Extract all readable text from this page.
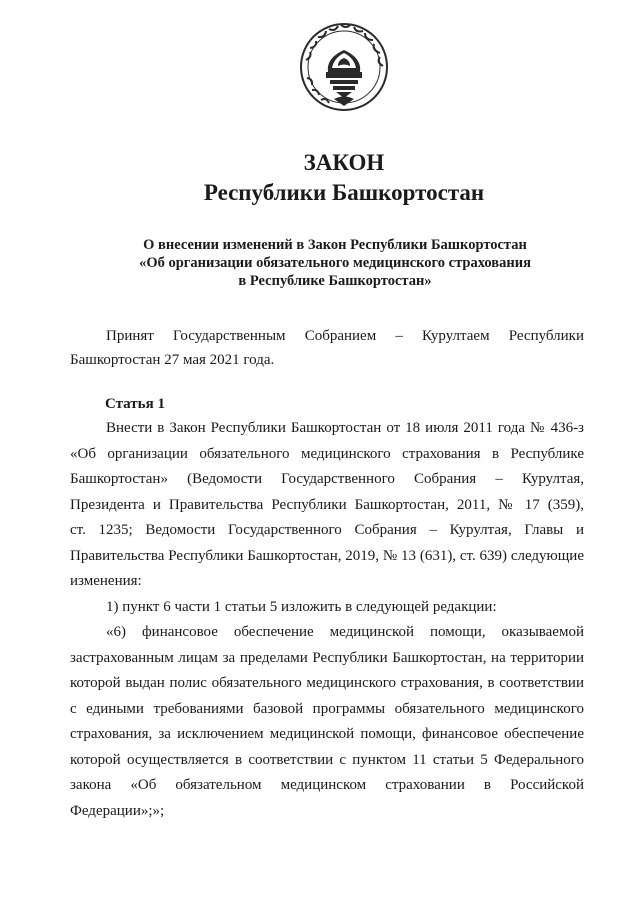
ЗАКОН
Республики Башкортостан
О внесении изменений в Закон Республики Башкортостан
«Об организации обязательного медицинского страхования
в Республике Башкортостан»
Принят Государственным Собранием – Курултаем Республики
Башкортостан 27 мая 2021 года.
Статья 1
Внести в Закон Республики Башкортостан от 18 июля 2011 года № 436-з
«Об организации обязательного медицинского страхования в Республике
Башкортостан» (Ведомости Государственного Собрания – Курултая,
Президента и Правительства Республики Башкортостан, 2011, № 17 (359),
ст. 1235; Ведомости Государственного Собрания – Курултая, Главы и
Правительства Республики Башкортостан, 2019, № 13 (631), ст. 639) следующие
изменения:
1) пункт 6 части 1 статьи 5 изложить в следующей редакции:
«6) финансовое обеспечение медицинской помощи, оказываемой
застрахованным лицам за пределами Республики Башкортостан, на территории
которой выдан полис обязательного медицинского страхования, в соответствии
с едиными требованиями базовой программы обязательного медицинского
страхования, за исключением медицинской помощи, финансовое обеспечение
которой осуществляется в соответствии с пунктом 11 статьи 5 Федерального
закона «Об обязательном медицинском страховании в Российской
Федерации»;»;
